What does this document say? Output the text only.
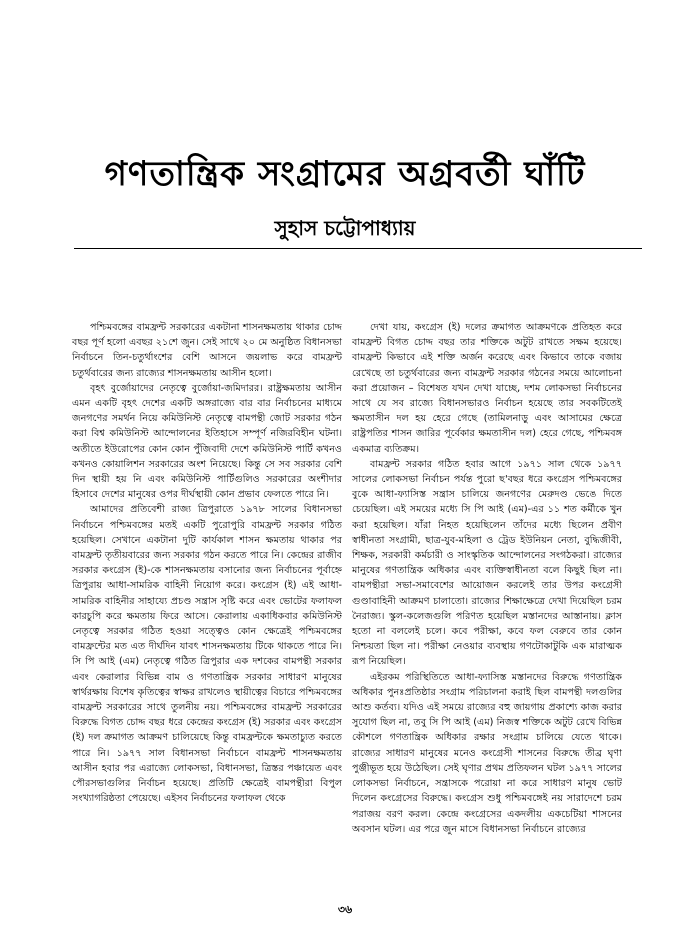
গণতান্ত্রিক সংগ্রামের অগ্রবর্তী ঘাঁটি
সুহাস চট্টোপাধ্যায়

পশ্চিমবঙ্গের বামফ্রন্ট সরকারের একটানা শাসনক্ষমতায় থাকার চোদ্দ বছর পূর্ণ হলো এবছর ২১শে জুন। সেই সাথে ২০ মে অনুষ্ঠিত বিধানসভা নির্বাচনে তিন-চতুর্থাংশের বেশি আসনে জয়লাভ করে বামফ্রন্ট চতুর্থবারের জন্য রাজ্যের শাসনক্ষমতায় আসীন হলো।

বৃহৎ বুর্জোয়াদের নেতৃত্বে বুর্জোয়া-জমিদারর। রাষ্ট্রক্ষমতায় আসীন এমন একটি বৃহৎ দেশের একটি অঙ্গরাজ্যে বার বার নির্বাচনের মাধ্যমে জনগণের সমর্থন নিয়ে কমিউনিস্ট নেতৃত্বে বামপন্থী জোট সরকার গঠন করা বিশ্ব কমিউনিস্ট আন্দোলনের ইতিহাসে সম্পূর্ণ নজিরবিহীন ঘটনা। অতীতে ইউরোপের কোন কোন পুঁজিবাদী দেশে কমিউনিস্ট পার্টি কখনও কখনও কোয়ালিশন সরকারের অংশ নিয়েছে। কিন্তু সে সব সরকার বেশি দিন স্থায়ী হয় নি এবং কমিউনিস্ট পার্টিগুলিও সরকারের অংশীদার হিসাবে দেশের মানুষের ওপর দীর্ঘস্থায়ী কোন প্রভাব ফেলতে পারে নি।

আমাদের প্রতিবেশী রাজ্য ত্রিপুরাতে ১৯৭৮ সালের বিধানসভা নির্বাচনে পশ্চিমবঙ্গের মতই একটি পুরোপুরি বামফ্রন্ট সরকার গঠিত হয়েছিল। সেখানে একটানা দুটি কার্যকাল শাসন ক্ষমতায় থাকার পর বামফ্রন্ট তৃতীয়বারের জন্য সরকার গঠন করতে পারে নি। কেন্দ্রের রাজীব সরকার কংগ্রেস (ই)-কে শাসনক্ষমতায় বসানোর জন্য নির্বাচনের পূর্বাহ্নে ত্রিপুরায় আধা-সামরিক বাহিনী নিয়োগ করে। কংগ্রেস (ই) এই আধা-সামরিক বাহিনীর সাহায্যে প্রচণ্ড সন্ত্রাস সৃষ্টি করে এবং ভোটের ফলাফল কারচুপি করে ক্ষমতায় ফিরে আসে। কেরালায় একাধিকবার কমিউনিস্ট নেতৃত্বে সরকার গঠিত হওয়া সত্ত্বেও কোন ক্ষেত্রেই পশ্চিমবঙ্গের বামফ্রন্টের মত এত দীর্ঘদিন যাবৎ শাসনক্ষমতায় টিকে থাকতে পারে নি। সি পি আই (এম) নেতৃত্বে গঠিত ত্রিপুরার এক দশকের বামপন্থী সরকার এবং কেরালার বিভিন্ন বাম ও গণতান্ত্রিক সরকার সাধারণ মানুষের স্বার্থরক্ষায় বিশেষ কৃতিত্বের স্বাক্ষর রাখলেও স্থায়ীত্বের বিচারে পশ্চিমবঙ্গের বামফ্রন্ট সরকারের সাথে তুলনীয় নয়। পশ্চিমবঙ্গের বামফ্রন্ট সরকারের বিরুদ্ধে বিগত চোদ্দ বছর ধরে কেন্দ্রের কংগ্রেস (ই) সরকার এবং কংগ্রেস (ই) দল ক্রমাগত আক্রমণ চালিয়েছে কিন্তু বামফ্রন্টকে ক্ষমতাচ্যুত করতে পারে নি। ১৯৭৭ সাল বিধানসভা নির্বাচনে বামফ্রন্ট শাসনক্ষমতায় আসীন হবার পর এরাজ্যে লোকসভা, বিধানসভা, ত্রিস্তর পঞ্চায়েত এবং পৌরসভাগুলির নির্বাচন হয়েছে। প্রতিটি ক্ষেত্রেই বামপন্থীরা বিপুল সংখ্যাগরিষ্ঠতা পেয়েছে। এইসব নির্বাচনের ফলাফল থেকে

দেখা যায়, কংগ্রেস (ই) দলের ক্রমাগত আক্রমণকে প্রতিহত করে বামফ্রন্ট বিগত চোদ্দ বছর তার শক্তিকে অটুট রাখতে সক্ষম হয়েছে। বামফ্রন্ট কিভাবে এই শক্তি অর্জন করেছে এবং কিভাবে তাকে বজায় রেখেছে তা চতুর্থবারের জন্য বামফ্রন্ট সরকার গঠনের সময়ে আলোচনা করা প্রয়োজন – বিশেষত যখন দেখা যাচ্ছে, দশম লোকসভা নির্বাচনের সাথে যে সব রাজ্যে বিধানসভারও নির্বাচন হয়েছে তার সবকটিতেই ক্ষমতাসীন দল হয় হেরে গেছে (তামিলনাড়ু এবং আসামের ক্ষেত্রে রাষ্ট্রপতির শাসন জারির পূর্বেকার ক্ষমতাসীন দল) হেরে গেছে, পশ্চিমবঙ্গ একমাত্র ব্যতিক্রম।

বামফ্রন্ট সরকার গঠিত হবার আগে ১৯৭১ সাল থেকে ১৯৭৭ সালের লোকসভা নির্বাচন পর্যন্ত পুরো ছ'বছর ধরে কংগ্রেস পশ্চিমবঙ্গের বুকে আধা-ফ্যাসিস্ত সন্ত্রাস চালিয়ে জনগণের মেরুদণ্ড ভেঙে দিতে চেয়েছিল। এই সময়ের মধ্যে সি পি আই (এম)-এর ১১ শত কর্মীকে খুন করা হয়েছিল। যাঁরা নিহত হয়েছিলেন তাঁদের মধ্যে ছিলেন প্রবীণ স্বাধীনতা সংগ্রামী, ছাত্র-যুব-মহিলা ও ট্রেড ইউনিয়ন নেতা, বুদ্ধিজীবী, শিক্ষক, সরকারী কর্মচারী ও সাংস্কৃতিক আন্দোলনের সংগঠকরা। রাজ্যের মানুষের গণতান্ত্রিক অধিকার এবং ব্যক্তিস্বাধীনতা বলে কিছুই ছিল না। বামপন্থীরা সভা-সমাবেশের আয়োজন করলেই তার উপর কংগ্রেসী গুণ্ডাবাহিনী আক্রমণ চালাতো। রাজ্যের শিক্ষাক্ষেত্রে দেখা দিয়েছিল চরম নৈরাজ্য। স্কুল-কলেজগুলি পরিণত হয়েছিল মস্তানদের আস্তানায়। ক্লাস হতো না বললেই চলে। কবে পরীক্ষা, কবে ফল বেরুবে তার কোন নিশ্চয়তা ছিল না। পরীক্ষা নেওয়ার ব্যবস্থায় গণটোকাটুকি এক মারাত্মক রূপ নিয়েছিল।

এইরকম পরিস্থিতিতে আধা-ফ্যাসিস্ত মস্তানদের বিরুদ্ধে গণতান্ত্রিক অধিকার পুনঃপ্রতিষ্ঠার সংগ্রাম পরিচালনা করাই ছিল বামপন্থী দলগুলির আশু কর্তব্য। যদিও এই সময়ে রাজ্যের বহু জায়গায় প্রকাশ্যে কাজ করার সুযোগ ছিল না, তবু সি পি আই (এম) নিজস্ব শক্তিকে অটুট রেখে বিভিন্ন কৌশলে গণতান্ত্রিক অধিকার রক্ষার সংগ্রাম চালিয়ে যেতে থাকে। রাজ্যের সাধারণ মানুষের মনেও কংগ্রেসী শাসনের বিরুদ্ধে তীব্র ঘৃণা পুঞ্জীভূত হয়ে উঠেছিল। সেই ঘৃণার প্রথম প্রতিফলন ঘটল ১৯৭৭ সালের লোকসভা নির্বাচনে, সন্ত্রাসকে পরোয়া না করে সাধারণ মানুষ ভোট দিলেন কংগ্রেসের বিরুদ্ধে। কংগ্রেস শুধু পশ্চিমবঙ্গেই নয় সারাদেশে চরম পরাজয় বরণ করল। কেন্দ্রে কংগ্রেসের একদলীয় একচেটিয়া শাসনের অবসান ঘটল। এর পরে জুন মাসে বিধানসভা নির্বাচনে রাজ্যের

৩৬
